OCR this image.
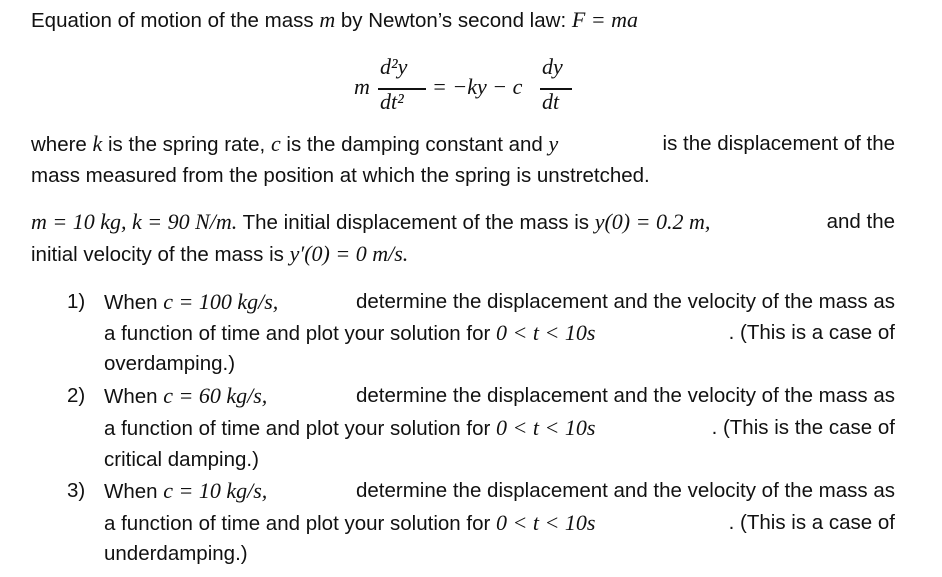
Equation of motion of the mass m by Newton’s second law: F = ma
m
d²y
dt²
= −ky − c
dy
dt
where k is the spring rate, c is the damping constant and y	is the displacement of the
mass measured from the position at which the spring is unstretched.
m = 10 kg, k = 90 N/m. The initial displacement of the mass is y(0) = 0.2 m,	and the
initial velocity of the mass is y′(0) = 0 m/s.
1) When c = 100 kg/s,	determine the displacement and the velocity of the mass as
a function of time and plot your solution for 0 < t < 10s	. (This is a case of
overdamping.)
2) When c = 60 kg/s,	determine the displacement and the velocity of the mass as
a function of time and plot your solution for 0 < t < 10s	. (This is the case of
critical damping.)
3) When c = 10 kg/s,	determine the displacement and the velocity of the mass as
a function of time and plot your solution for 0 < t < 10s	. (This is a case of
underdamping.)
